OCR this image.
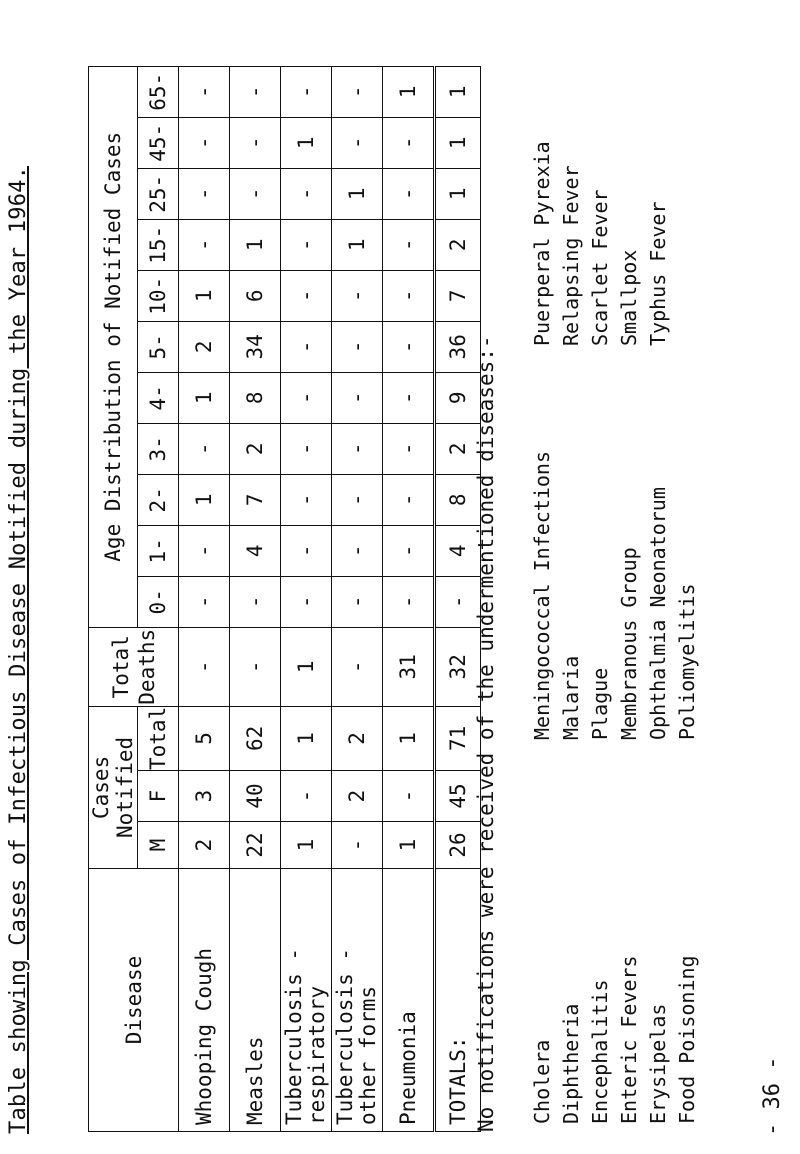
Table showing Cases of Infectious Disease Notified during the Year 1964.	Disease	Cases Notified			Total Deaths	Age Distribution of Notified Cases										
	M	F	Total		0-	1-	2-	3-	4-	5-	10-	15-	25-	45-	65-

Whooping Cough	2	3	5	-	-	-	1	-	1	2	1	-	-	-	-

Measles	22	40	62	-	-	4	7	2	8	34	6	1	-	-	-

Tuberculosis - respiratory	1	-	1	1	-	-	-	-	-	-	-	-	-	1	-

Tuberculosis - other forms	-	2	2	-	-	-	-	-	-	-	-	1	1	-	-

Pneumonia	1	-	1	31	-	-	-	-	-	-	-	-	-	-	1
TOTALS:	26	45	71	32	-	4	8	2	9	36	7	2	1	1	1
No notifications were received of the undermentioned diseases:- Cholera Diphtheria Encephalitis Enteric Fevers Erysipelas Food Poisoning
Meningococcal Infections Malaria Plague Membranous Group Ophthalmia Neonatorum Poliomyelitis
Puerperal Pyrexia Relapsing Fever Scarlet Fever Smallpox Typhus Fever
- 36 -
